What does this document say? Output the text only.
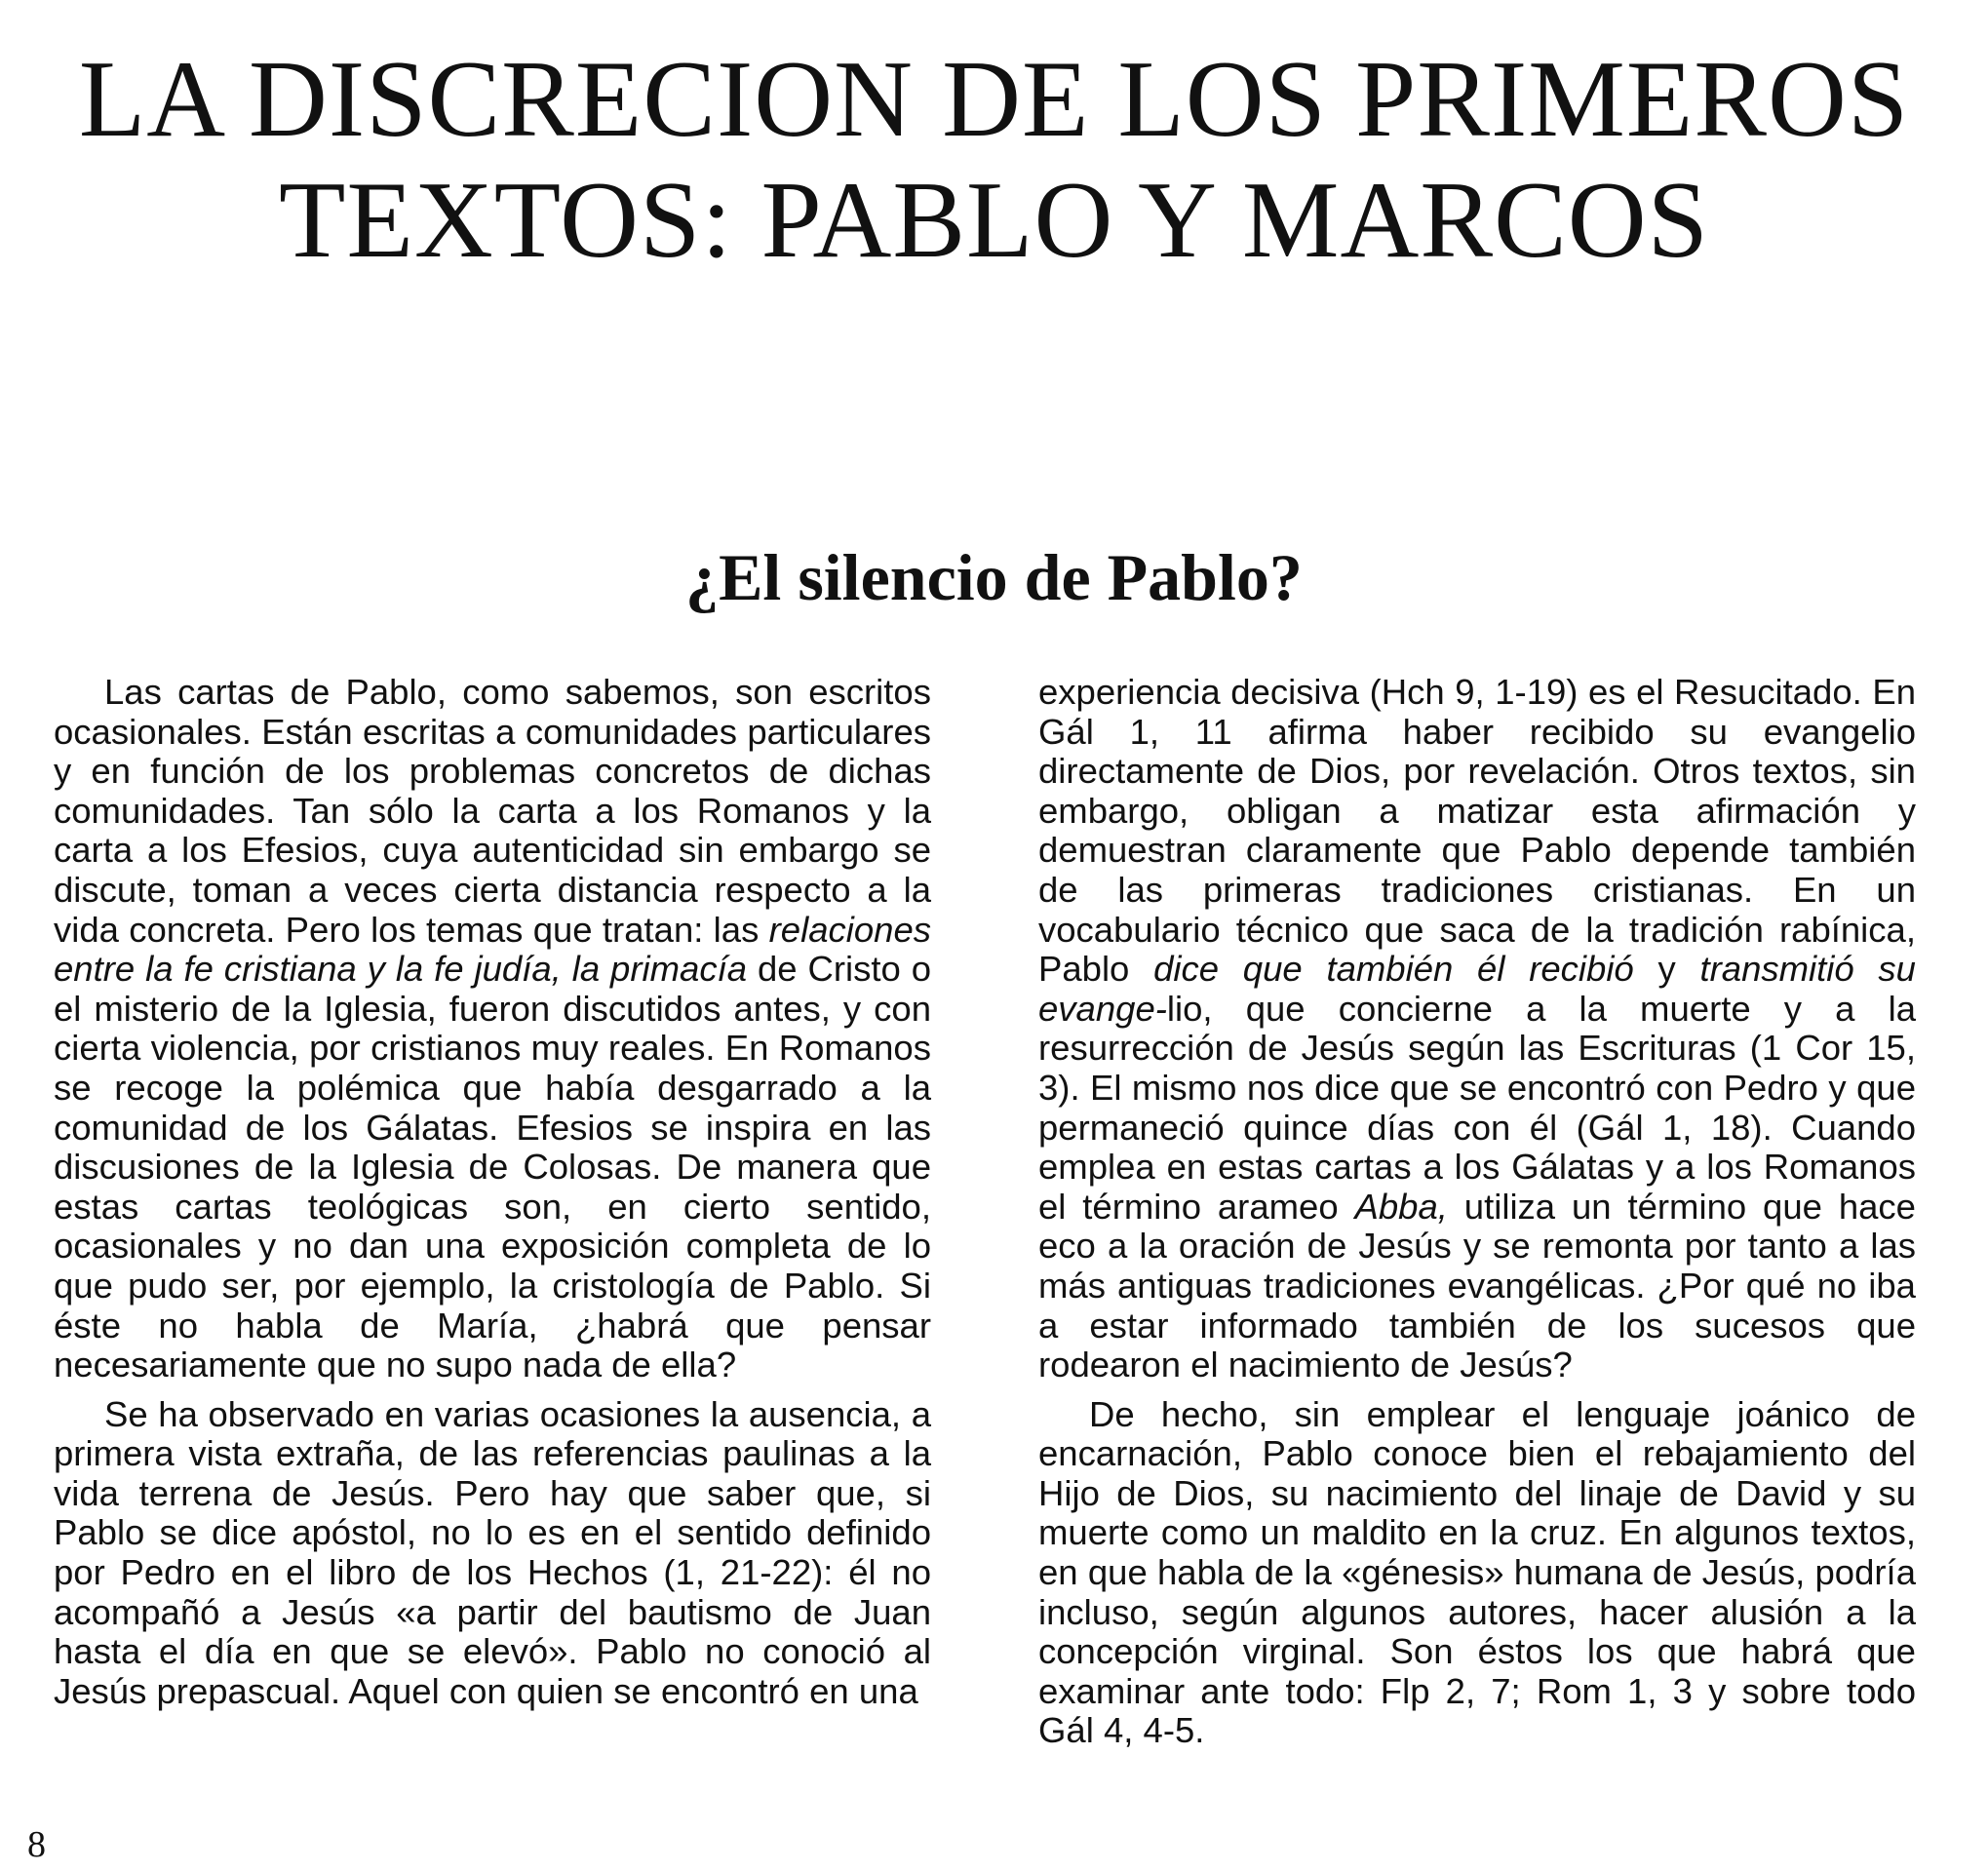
LA DISCRECION DE LOS PRIMEROS
TEXTOS: PABLO Y MARCOS
¿El silencio de Pablo?

Las cartas de Pablo, como sabemos, son escritos ocasionales. Están escritas a comunidades particulares y en función de los problemas concretos de dichas comunidades. Tan sólo la carta a los Romanos y la carta a los Efesios, cuya autenticidad sin embargo se discute, toman a veces cierta distancia respecto a la vida concreta. Pero los temas que tratan: las relaciones entre la fe cristiana y la fe judía, la primacía de Cristo o el misterio de la Iglesia, fueron discutidos antes, y con cierta violencia, por cristianos muy reales. En Romanos se recoge la polémica que había desgarrado a la comunidad de los Gálatas. Efesios se inspira en las discusiones de la Iglesia de Colosas. De manera que estas cartas teológicas son, en cierto sentido, ocasionales y no dan una exposición completa de lo que pudo ser, por ejemplo, la cristología de Pablo. Si éste no habla de María, ¿habrá que pensar necesariamente que no supo nada de ella?

Se ha observado en varias ocasiones la ausencia, a primera vista extraña, de las referencias paulinas a la vida terrena de Jesús. Pero hay que saber que, si Pablo se dice apóstol, no lo es en el sentido definido por Pedro en el libro de los Hechos (1, 21-22): él no acompañó a Jesús «a partir del bautismo de Juan hasta el día en que se elevó». Pablo no conoció al Jesús prepascual. Aquel con quien se encontró en una

experiencia decisiva (Hch 9, 1-19) es el Resucitado. En Gál 1, 11 afirma haber recibido su evangelio directamente de Dios, por revelación. Otros textos, sin embargo, obligan a matizar esta afirmación y demuestran claramente que Pablo depende también de las primeras tradiciones cristianas. En un vocabulario técnico que saca de la tradición rabínica, Pablo dice que también él recibió y transmitió su evange-lio, que concierne a la muerte y a la resurrección de Jesús según las Escrituras (1 Cor 15, 3). El mismo nos dice que se encontró con Pedro y que permaneció quince días con él (Gál 1, 18). Cuando emplea en estas cartas a los Gálatas y a los Romanos el término arameo Abba, utiliza un término que hace eco a la oración de Jesús y se remonta por tanto a las más antiguas tradiciones evangélicas. ¿Por qué no iba a estar informado también de los sucesos que rodearon el nacimiento de Jesús?

De hecho, sin emplear el lenguaje joánico de encarnación, Pablo conoce bien el rebajamiento del Hijo de Dios, su nacimiento del linaje de David y su muerte como un maldito en la cruz. En algunos textos, en que habla de la «génesis» humana de Jesús, podría incluso, según algunos autores, hacer alusión a la concepción virginal. Son éstos los que habrá que examinar ante todo: Flp 2, 7; Rom 1, 3 y sobre todo Gál 4, 4-5.

8
